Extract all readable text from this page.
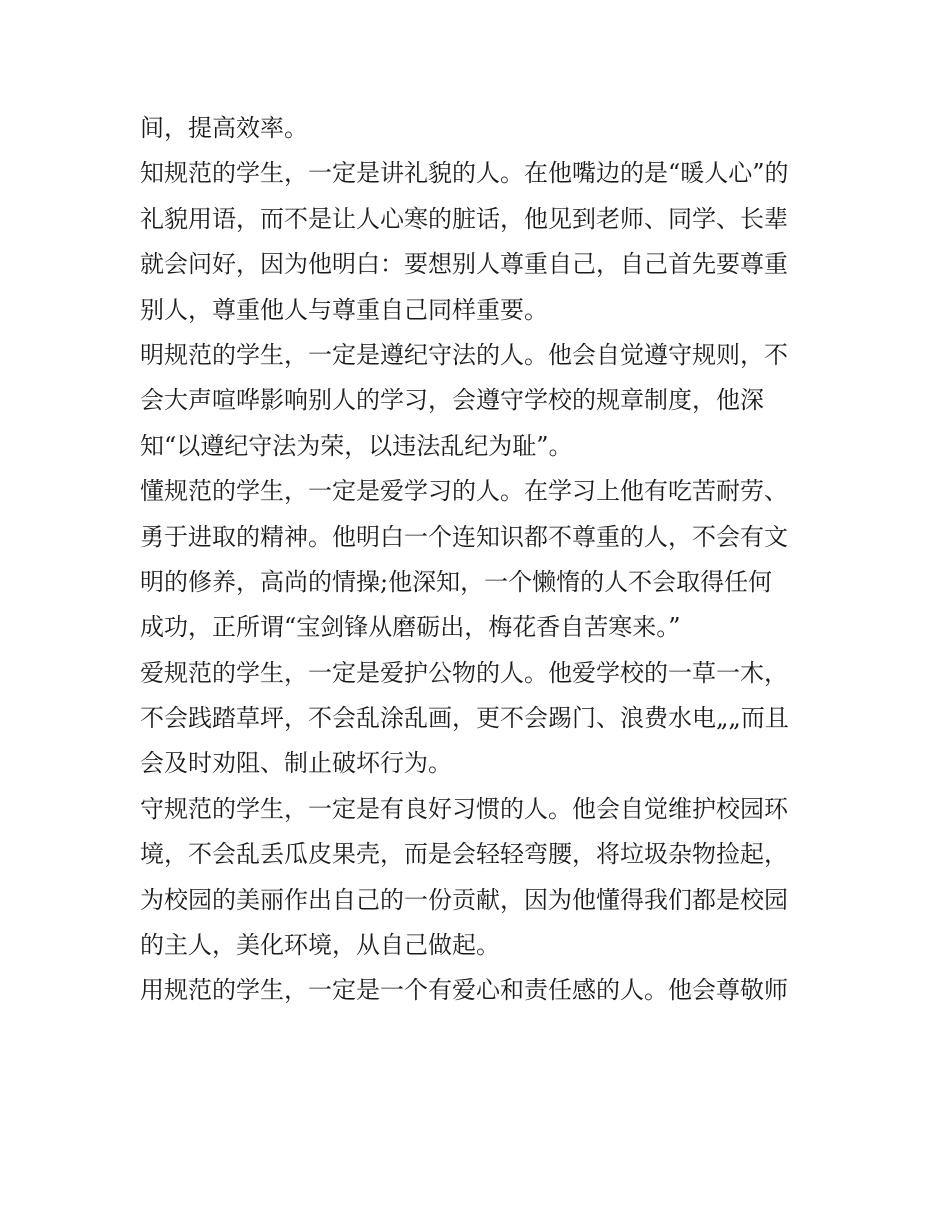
间，提高效率。
知规范的学生，一定是讲礼貌的人。在他嘴边的是“暖人心”的
礼貌用语，而不是让人心寒的脏话，他见到老师、同学、长辈
就会问好，因为他明白：要想别人尊重自己，自己首先要尊重
别人，尊重他人与尊重自己同样重要。
明规范的学生，一定是遵纪守法的人。他会自觉遵守规则，不
会大声喧哗影响别人的学习，会遵守学校的规章制度，他深
知“以遵纪守法为荣，以违法乱纪为耻”。
懂规范的学生，一定是爱学习的人。在学习上他有吃苦耐劳、
勇于进取的精神。他明白一个连知识都不尊重的人，不会有文
明的修养，高尚的情操;他深知，一个懒惰的人不会取得任何
成功，正所谓“宝剑锋从磨砺出，梅花香自苦寒来。”
爱规范的学生，一定是爱护公物的人。他爱学校的一草一木，
不会践踏草坪，不会乱涂乱画，更不会踢门、浪费水电„„而且
会及时劝阻、制止破坏行为。
守规范的学生，一定是有良好习惯的人。他会自觉维护校园环
境，不会乱丢瓜皮果壳，而是会轻轻弯腰，将垃圾杂物捡起，
为校园的美丽作出自己的一份贡献，因为他懂得我们都是校园
的主人，美化环境，从自己做起。
用规范的学生，一定是一个有爱心和责任感的人。他会尊敬师
